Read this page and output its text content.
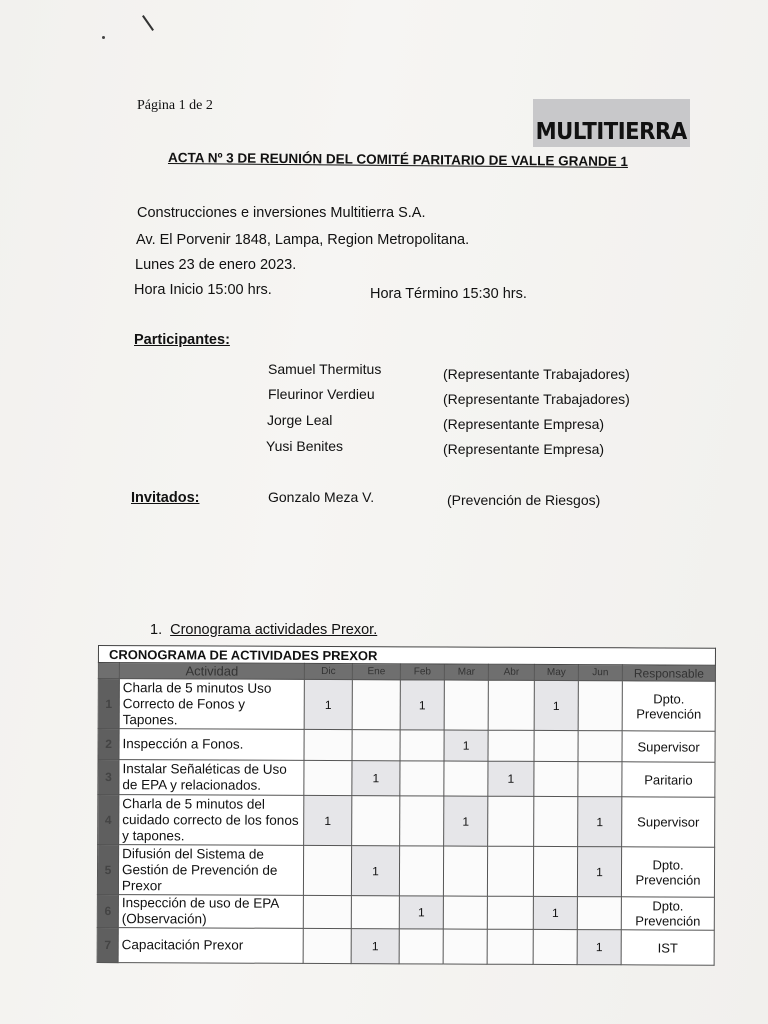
Página 1 de 2
MULTITIERRA
ACTA Nº 3 DE REUNIÓN DEL COMITÉ PARITARIO DE VALLE GRANDE 1
Construcciones e inversiones Multitierra S.A.
Av. El Porvenir 1848, Lampa, Region Metropolitana.
Lunes 23 de enero 2023.
Hora Inicio 15:00 hrs.	Hora Término 15:30 hrs.
Participantes:
Samuel Thermitus	(Representante Trabajadores)
Fleurinor Verdieu	(Representante Trabajadores)
Jorge Leal	(Representante Empresa)
Yusi Benites	(Representante Empresa)
Invitados:	Gonzalo Meza V.	(Prevención de Riesgos)
1. Cronograma actividades Prexor.
CRONOGRAMA DE ACTIVIDADES PREXOR									
	Actividad	Dic	Ene	Feb	Mar	Abr	May	Jun	Responsable
1	Charla de 5 minutos Uso Correcto de Fonos y Tapones.	1		1			1		Dpto. Prevención
2	Inspección a Fonos.				1				Supervisor
3	Instalar Señaléticas de Uso de EPA y relacionados.		1			1			Paritario
4	Charla de 5 minutos del cuidado correcto de los fonos y tapones.	1			1			1	Supervisor
5	Difusión del Sistema de Gestión de Prevención de Prexor		1					1	Dpto. Prevención
6	Inspección de uso de EPA (Observación)			1			1		Dpto. Prevención
7	Capacitación Prexor		1					1	IST
